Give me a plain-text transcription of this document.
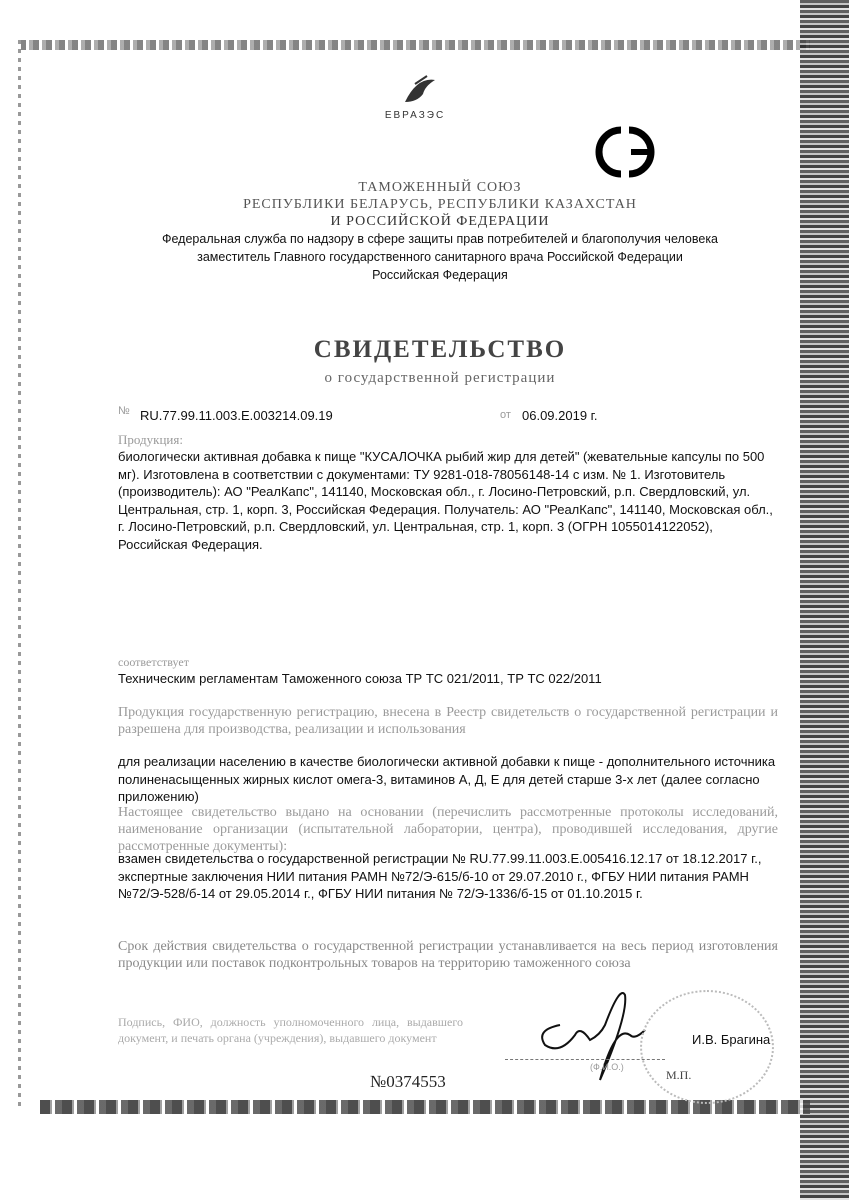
ЕВРАЗЭС
ТАМОЖЕННЫЙ СОЮЗ
РЕСПУБЛИКИ БЕЛАРУСЬ, РЕСПУБЛИКИ КАЗАХСТАН
И РОССИЙСКОЙ ФЕДЕРАЦИИ
Федеральная служба по надзору в сфере защиты прав потребителей и благополучия человека
заместитель Главного государственного санитарного врача Российской Федерации
Российская Федерация
СВИДЕТЕЛЬСТВО
о государственной регистрации
№ RU.77.99.11.003.E.003214.09.19	от 06.09.2019 г.
Продукция:
биологически активная добавка к пище "КУСАЛОЧКА рыбий жир для детей" (жевательные капсулы по 500 мг). Изготовлена в соответствии с документами: ТУ 9281-018-78056148-14 с изм. № 1. Изготовитель (производитель): АО "РеалКапс", 141140, Московская обл., г. Лосино-Петровский, р.п. Свердловский, ул. Центральная, стр. 1, корп. 3, Российская Федерация. Получатель: АО "РеалКапс", 141140, Московская обл., г. Лосино-Петровский, р.п. Свердловский, ул. Центральная, стр. 1, корп. 3 (ОГРН 1055014122052), Российская Федерация.
соответствует
Техническим регламентам Таможенного союза ТР ТС 021/2011, ТР ТС 022/2011
Продукция государственную регистрацию, внесена в Реестр свидетельств о государственной регистрации и разрешена для производства, реализации и использования
для реализации населению в качестве биологически активной добавки к пище - дополнительного источника полиненасыщенных жирных кислот омега-3, витаминов А, Д, Е для детей старше 3-х лет (далее согласно приложению)
Настоящее свидетельство выдано на основании (перечислить рассмотренные протоколы исследований, наименование организации (испытательной лаборатории, центра), проводившей исследования, другие рассмотренные документы):
взамен свидетельства о государственной регистрации № RU.77.99.11.003.E.005416.12.17 от 18.12.2017 г., экспертные заключения НИИ питания РАМН №72/Э-615/б-10 от 29.07.2010 г., ФГБУ НИИ питания РАМН №72/Э-528/б-14 от 29.05.2014 г., ФГБУ НИИ питания № 72/Э-1336/б-15 от 01.10.2015 г.
Срок действия свидетельства о государственной регистрации устанавливается на весь период изготовления продукции или поставок подконтрольных товаров на территорию таможенного союза
Подпись, ФИО, должность уполномоченного лица, выдавшего документ, и печать органа (учреждения), выдавшего документ	И.В. Брагина
(Ф.И.О.)
М.П.
№0374553
